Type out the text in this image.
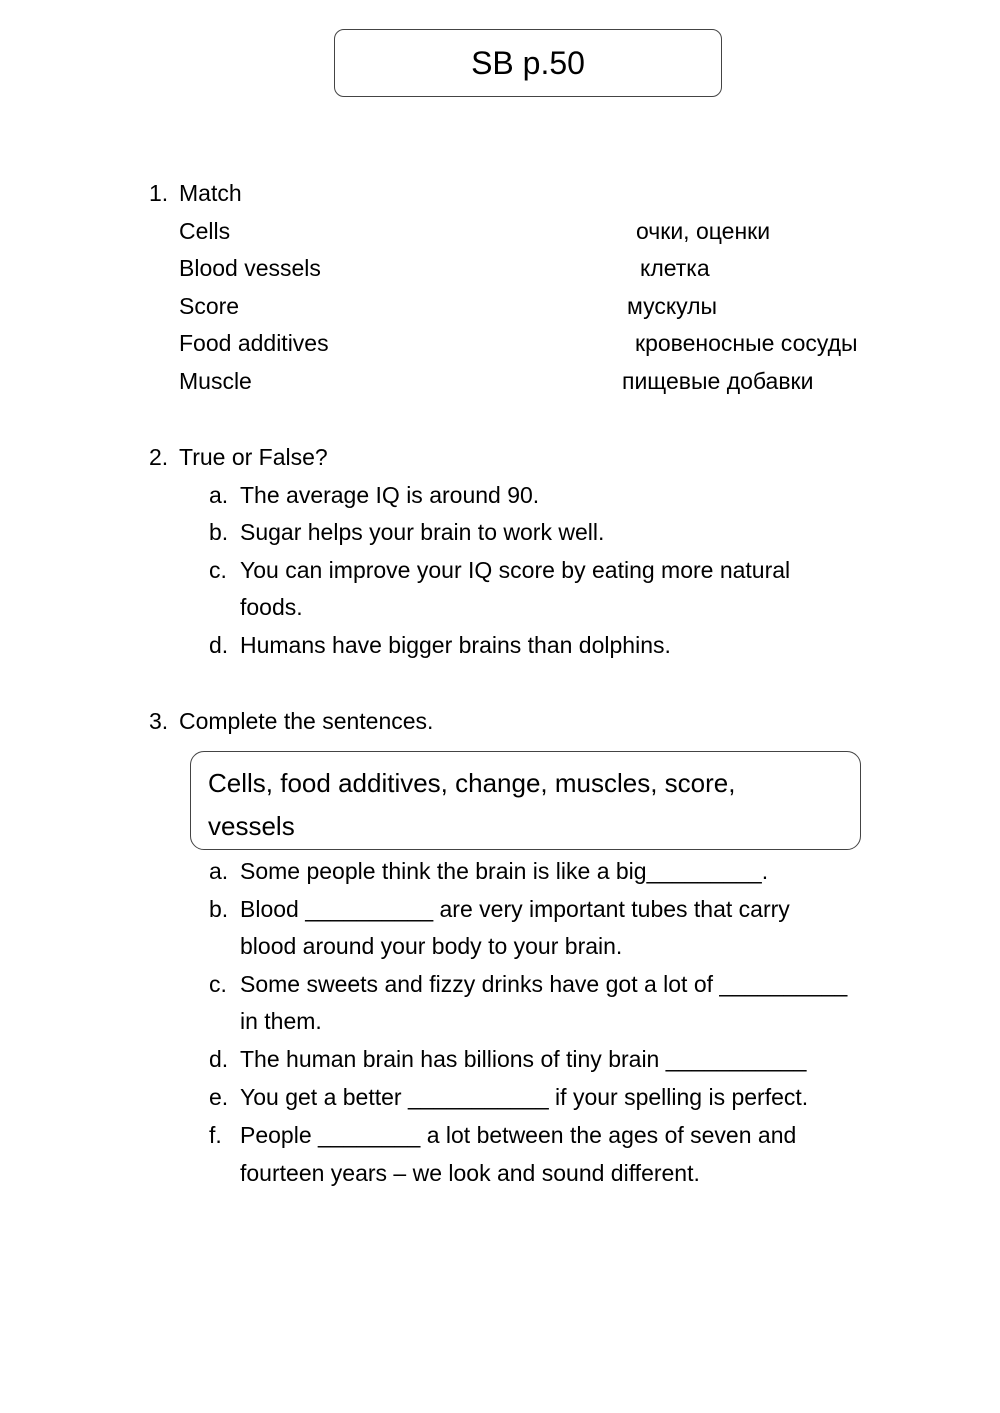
SB p.50
1. Match
Cells
Blood vessels
Score
Food additives
Muscle
очки, оценки
клетка
мускулы
кровеносные сосуды
пищевые добавки
2. True or False?
a. The average IQ is around 90.
b. Sugar helps your brain to work well.
c. You can improve your IQ score by eating more natural
foods.
d. Humans have bigger brains than dolphins.
3. Complete the sentences.
Cells, food additives, change, muscles, score,
vessels
a. Some people think the brain is like a big_________.
b. Blood __________ are very important tubes that carry
blood around your body to your brain.
c. Some sweets and fizzy drinks have got a lot of __________
in them.
d. The human brain has billions of tiny brain ___________
e. You get a better ___________ if your spelling is perfect.
f. People ________ a lot between the ages of seven and
fourteen years – we look and sound different.
